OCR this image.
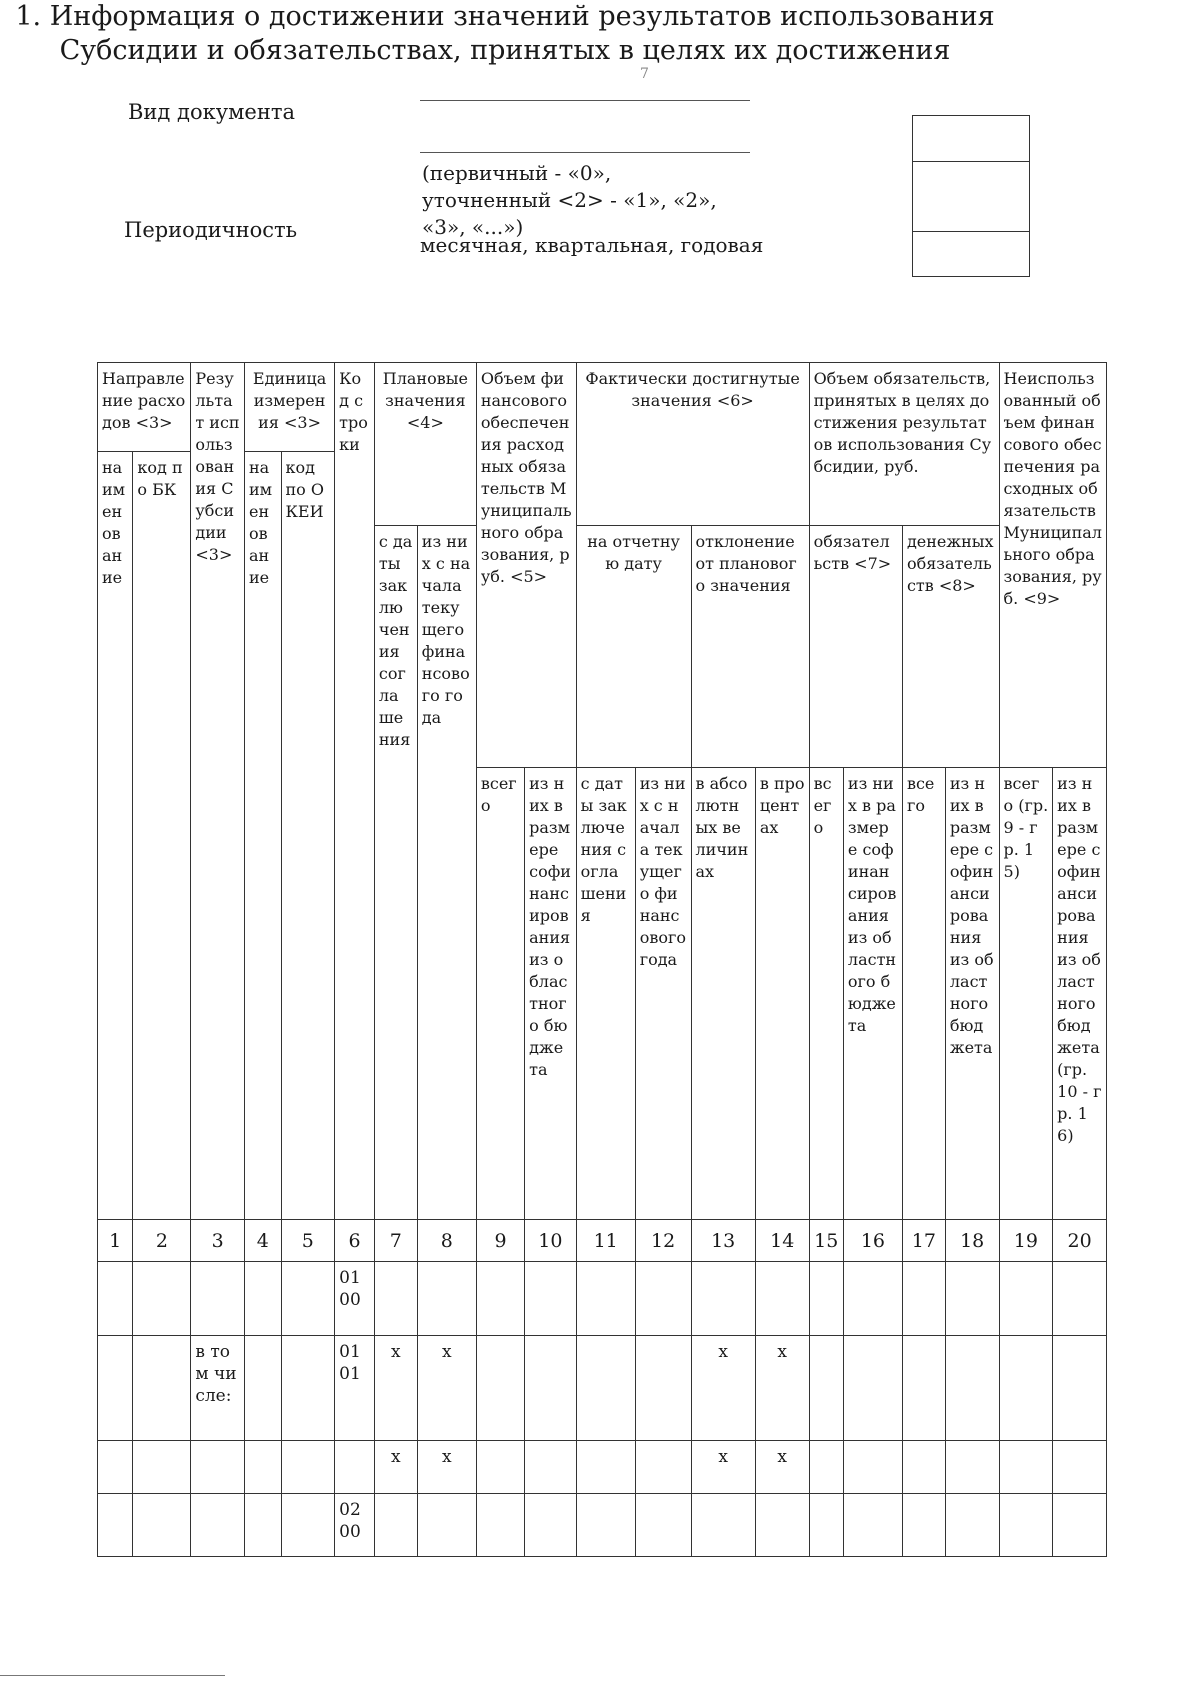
7
Вид документа
(первичный - «0», уточненный <2> - «1», «2», «3», «...»)
Периодичность
месячная, квартальная, годовая
1. Информация о достижении значений результатов использования Субсидии и обязательствах, принятых в целях их достижения
Направление расходов <3>		Результат использования Субсидии <3>	Единица измерения <3>		Код строки	Плановые значения <4>		Объем финансового обеспечения расходных обязательств Муниципального образования, руб. <5>		Фактически достигнутые значения <6>				Объем обязательств, принятых в целях достижения результатов использования Субсидии, руб.				Неиспользованный объем финансового обеспечения расходных обязательств Муниципального образования, руб. <9>	
наименование	код по БК		наименование	код по ОКЕИ															
						с даты заключения соглашения	из них с начала текущего финансового года			на отчетную дату		отклонение от планового значения		обязательств <7>		денежных обязательств <8>			
								всего	из них в размере софинансирования из областного бюджета	с даты заключения соглашения	из них с начала текущего финансового года	в абсолютных величинах	в процентах	всего	из них в размере софинансирования из областного бюджета	всего	из них в размере софинансирования из областного бюджета	всего (гр. 9 - гр. 15)	из них в размере софинансирования из областного бюджета (гр. 10 - гр. 16)
1	2	3	4	5	6	7	8	9	10	11	12	13	14	15	16	17	18	19	20
					01 00														
		в том числе:			01 01	x	x					x	x						
						x	x					x	x						
					02 00														
